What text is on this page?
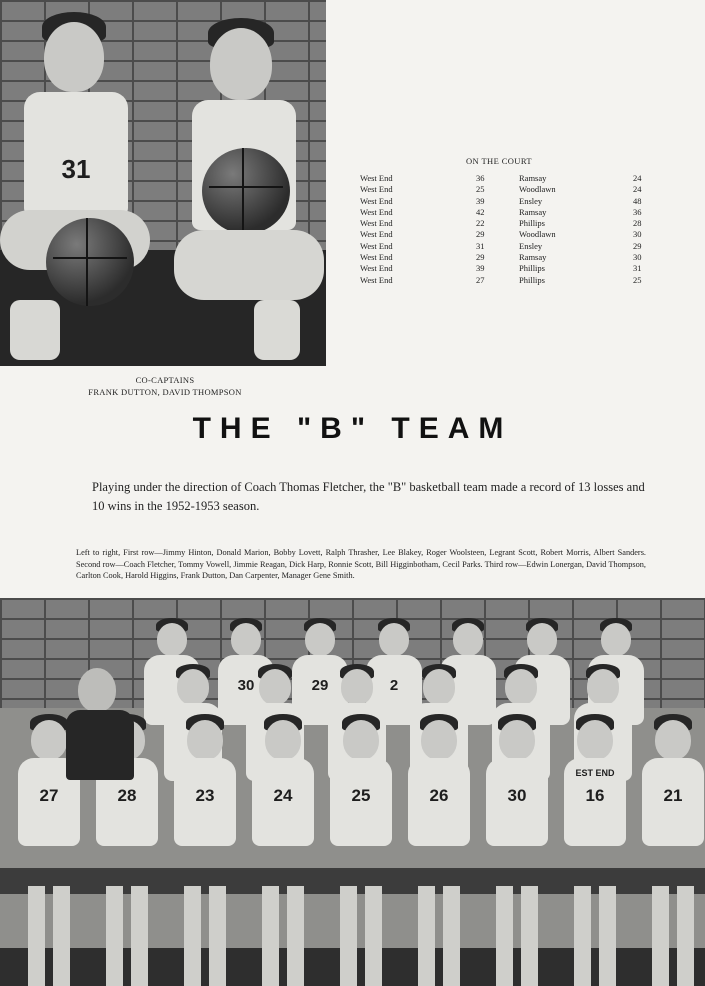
31
CO-CAPTAINS
FRANK DUTTON, DAVID THOMPSON
ON THE COURT
West End	36	Ramsay	24
West End	25	Woodlawn	24
West End	39	Ensley	48
West End	42	Ramsay	36
West End	22	Phillips	28
West End	29	Woodlawn	30
West End	31	Ensley	29
West End	29	Ramsay	30
West End	39	Phillips	31
West End	27	Phillips	25
THE "B" TEAM
Playing under the direction of Coach Thomas Fletcher, the "B" basketball team made a record of 13 losses and 10 wins in the 1952-1953 season.
Left to right, First row—Jimmy Hinton, Donald Marion, Bobby Lovett, Ralph Thrasher, Lee Blakey, Roger Woolsteen, Legrant Scott, Robert Morris, Albert Sanders. Second row—Coach Fletcher, Tommy Vowell, Jimmie Reagan, Dick Harp, Ronnie Scott, Bill Higginbotham, Cecil Parks. Third row—Edwin Lonergan, David Thompson, Carlton Cook, Harold Higgins, Frank Dutton, Dan Carpenter, Manager Gene Smith.
30	29	2
27	28	23	24	25	26	30	16
EST END
21
